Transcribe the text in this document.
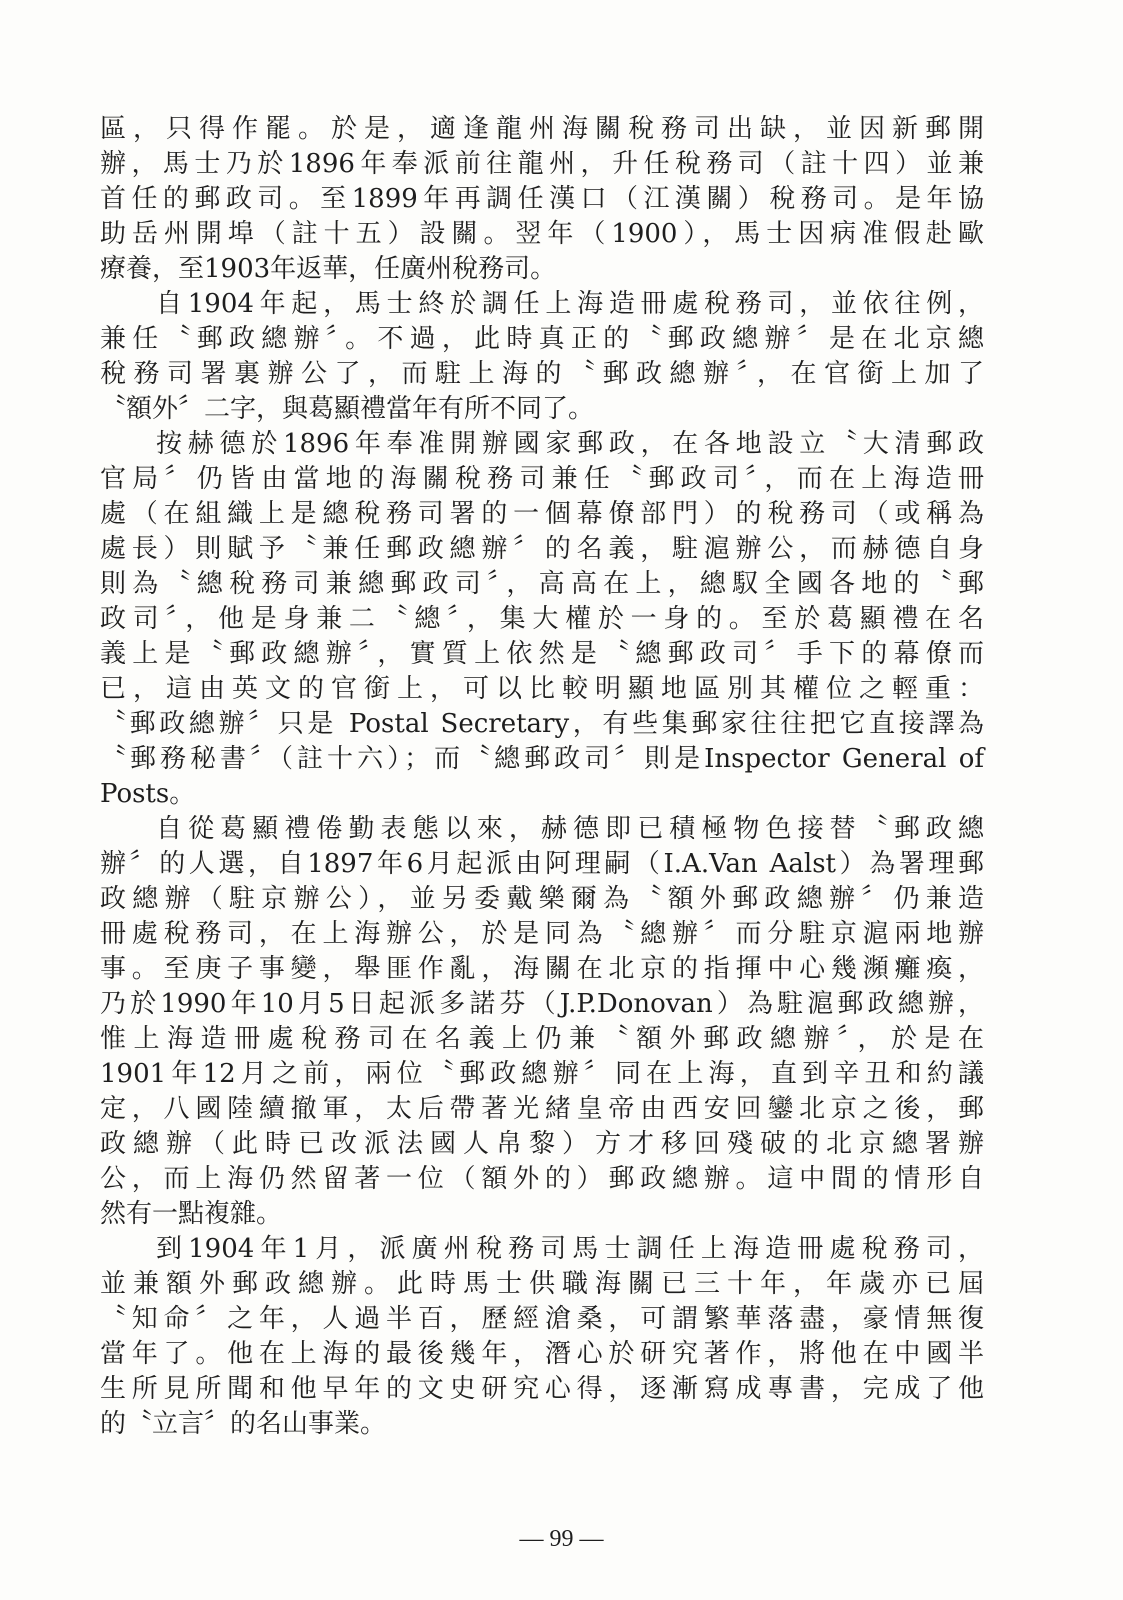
區，只得作罷。於是，適逢龍州海關稅務司出缺，並因新郵開
辦，馬士乃於1896年奉派前往龍州，升任稅務司（註十四）並兼
首任的郵政司。至1899年再調任漢口（江漢關）稅務司。是年協
助岳州開埠（註十五）設關。翌年（1900），馬士因病准假赴歐
療養，至1903年返華，任廣州稅務司。
自1904年起，馬士終於調任上海造冊處稅務司，並依往例，
兼任〝郵政總辦〞。不過，此時真正的〝郵政總辦〞是在北京總
稅務司署裏辦公了，而駐上海的〝郵政總辦〞，在官銜上加了
〝額外〞二字，與葛顯禮當年有所不同了。
按赫德於1896年奉准開辦國家郵政，在各地設立〝大清郵政
官局〞仍皆由當地的海關稅務司兼任〝郵政司〞，而在上海造冊
處（在組織上是總稅務司署的一個幕僚部門）的稅務司（或稱為
處長）則賦予〝兼任郵政總辦〞的名義，駐滬辦公，而赫德自身
則為〝總稅務司兼總郵政司〞，高高在上，總馭全國各地的〝郵
政司〞，他是身兼二〝總〞，集大權於一身的。至於葛顯禮在名
義上是〝郵政總辦〞，實質上依然是〝總郵政司〞手下的幕僚而
已，這由英文的官銜上，可以比較明顯地區別其權位之輕重：
〝郵政總辦〞只是 Postal Secretary，有些集郵家往往把它直接譯為
〝郵務秘書〞（註十六）；而〝總郵政司〞則是Inspector General of
Posts。
自從葛顯禮倦勤表態以來，赫德即已積極物色接替〝郵政總
辦〞的人選，自1897年6月起派由阿理嗣（I.A.Van Aalst）為署理郵
政總辦（駐京辦公），並另委戴樂爾為〝額外郵政總辦〞仍兼造
冊處稅務司，在上海辦公，於是同為〝總辦〞而分駐京滬兩地辦
事。至庚子事變，舉匪作亂，海關在北京的指揮中心幾瀕癱瘓，
乃於1990年10月5日起派多諾芬（J.P.Donovan）為駐滬郵政總辦，
惟上海造冊處稅務司在名義上仍兼〝額外郵政總辦〞，於是在
1901年12月之前，兩位〝郵政總辦〞同在上海，直到辛丑和約議
定，八國陸續撤軍，太后帶著光緒皇帝由西安回鑾北京之後，郵
政總辦（此時已改派法國人帛黎）方才移回殘破的北京總署辦
公，而上海仍然留著一位（額外的）郵政總辦。這中間的情形自
然有一點複雜。
到1904年1月，派廣州稅務司馬士調任上海造冊處稅務司，
並兼額外郵政總辦。此時馬士供職海關已三十年，年歲亦已屆
〝知命〞之年，人過半百，歷經滄桑，可謂繁華落盡，豪情無復
當年了。他在上海的最後幾年，潛心於研究著作，將他在中國半
生所見所聞和他早年的文史研究心得，逐漸寫成專書，完成了他
的〝立言〞的名山事業。
— 99 —
